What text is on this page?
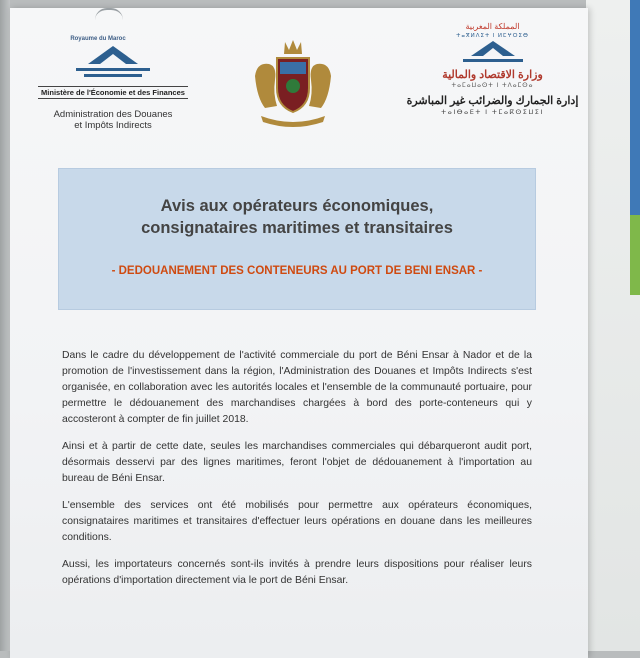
Royaume du Maroc
Ministère de l'Économie et des Finances
Administration des Douanes
et Impôts Indirects
المملكة المغربية
ⵜⴰⴳⵍⴷⵉⵜ ⵏ ⵍⵎⵖⵔⵉⴱ
وزارة الاقتصاد والمالية
ⵜⴰⵎⴰⵡⴰⵙⵜ ⵏ ⵜⴷⴰⵎⵙⴰ
إدارة الجمارك والضرائب غير المباشرة
ⵜⴰⵏⴱⴰⴹⵜ ⵏ ⵜⵎⴰⴽⵙⵉⵡⵉⵏ
Avis aux opérateurs économiques,
consignataires maritimes et transitaires
- DEDOUANEMENT DES CONTENEURS AU PORT DE BENI ENSAR -

Dans le cadre du développement de l'activité commerciale du port de Béni Ensar à Nador et de la promotion de l'investissement dans la région, l'Administration des Douanes et Impôts Indirects s'est organisée, en collaboration avec les autorités locales et l'ensemble de la communauté portuaire, pour permettre le dédouanement des marchandises chargées à bord des porte-conteneurs qui y accosteront à compter de fin juillet 2018.

Ainsi et à partir de cette date, seules les marchandises commerciales qui débarqueront audit port, désormais desservi par des lignes maritimes, feront l'objet de dédouanement à l'importation au bureau de Béni Ensar.

L'ensemble des services ont été mobilisés pour permettre aux opérateurs économiques, consignataires maritimes et transitaires d'effectuer leurs opérations en douane dans les meilleures conditions.

Aussi, les importateurs concernés sont-ils invités à prendre leurs dispositions pour réaliser leurs opérations d'importation directement via le port de Béni Ensar.
